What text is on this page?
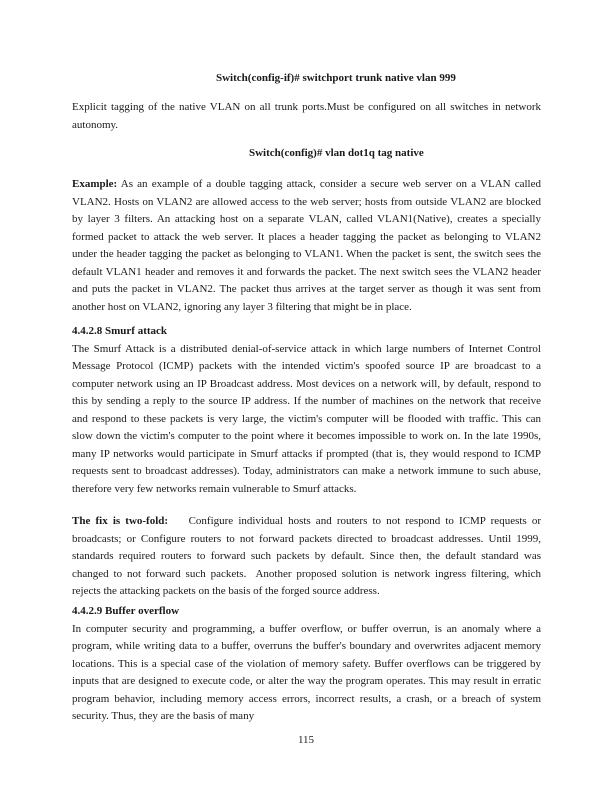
Switch(config-if)# switchport trunk native vlan 999

Explicit tagging of the native VLAN on all trunk ports.Must be configured on all switches in network autonomy.

Switch(config)# vlan dot1q tag native

Example: As an example of a double tagging attack, consider a secure web server on a VLAN called VLAN2. Hosts on VLAN2 are allowed access to the web server; hosts from outside VLAN2 are blocked by layer 3 filters. An attacking host on a separate VLAN, called VLAN1(Native), creates a specially formed packet to attack the web server. It places a header tagging the packet as belonging to VLAN2 under the header tagging the packet as belonging to VLAN1. When the packet is sent, the switch sees the default VLAN1 header and removes it and forwards the packet. The next switch sees the VLAN2 header and puts the packet in VLAN2. The packet thus arrives at the target server as though it was sent from another host on VLAN2, ignoring any layer 3 filtering that might be in place.

4.4.2.8 Smurf attack
The Smurf Attack is a distributed denial-of-service attack in which large numbers of Internet Control Message Protocol (ICMP) packets with the intended victim's spoofed source IP are broadcast to a computer network using an IP Broadcast address. Most devices on a network will, by default, respond to this by sending a reply to the source IP address. If the number of machines on the network that receive and respond to these packets is very large, the victim's computer will be flooded with traffic. This can slow down the victim's computer to the point where it becomes impossible to work on. In the late 1990s, many IP networks would participate in Smurf attacks if prompted (that is, they would respond to ICMP requests sent to broadcast addresses). Today, administrators can make a network immune to such abuse, therefore very few networks remain vulnerable to Smurf attacks.

The fix is two-fold:    Configure individual hosts and routers to not respond to ICMP requests or broadcasts; or Configure routers to not forward packets directed to broadcast addresses. Until 1999, standards required routers to forward such packets by default. Since then, the default standard was changed to not forward such packets.  Another proposed solution is network ingress filtering, which rejects the attacking packets on the basis of the forged source address.

4.4.2.9 Buffer overflow
In computer security and programming, a buffer overflow, or buffer overrun, is an anomaly where a program, while writing data to a buffer, overruns the buffer's boundary and overwrites adjacent memory locations. This is a special case of the violation of memory safety. Buffer overflows can be triggered by inputs that are designed to execute code, or alter the way the program operates. This may result in erratic program behavior, including memory access errors, incorrect results, a crash, or a breach of system security. Thus, they are the basis of many

115
